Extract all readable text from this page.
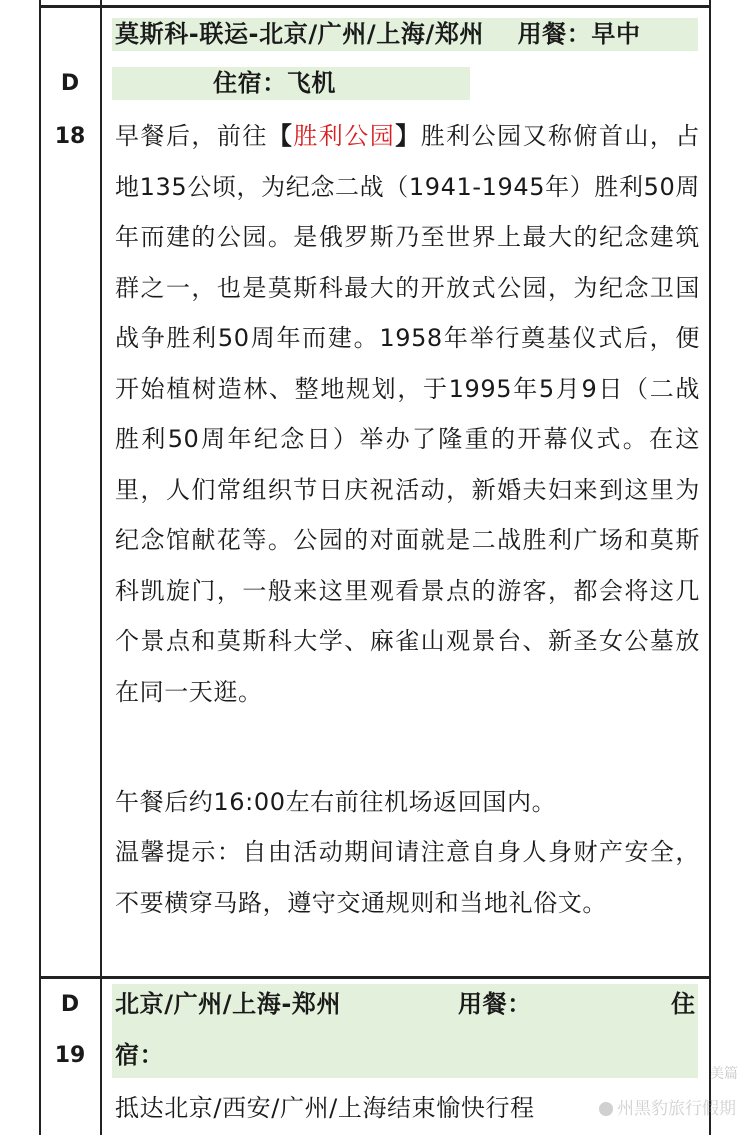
D
18
莫斯科-联运-北京/广州/上海/郑州　 用餐：早中
住宿：飞机
早餐后，前往【胜利公园】胜利公园又称俯首山，占地135公顷，为纪念二战（1941-1945年）胜利50周年而建的公园。是俄罗斯乃至世界上最大的纪念建筑群之一，也是莫斯科最大的开放式公园，为纪念卫国战争胜利50周年而建。1958年举行奠基仪式后，便开始植树造林、整地规划，于1995年5月9日（二战胜利50周年纪念日）举办了隆重的开幕仪式。在这里，人们常组织节日庆祝活动，新婚夫妇来到这里为纪念馆献花等。公园的对面就是二战胜利广场和莫斯科凯旋门，一般来这里观看景点的游客，都会将这几个景点和莫斯科大学、麻雀山观景台、新圣女公墓放在同一天逛。
午餐后约16:00左右前往机场返回国内。
温馨提示：自由活动期间请注意自身人身财产安全，不要横穿马路，遵守交通规则和当地礼俗文。
D
19
北京/广州/上海-郑州	用餐：	住
宿：
抵达北京/西安/广州/上海结束愉快行程
美篇
州黑豹旅行假期
